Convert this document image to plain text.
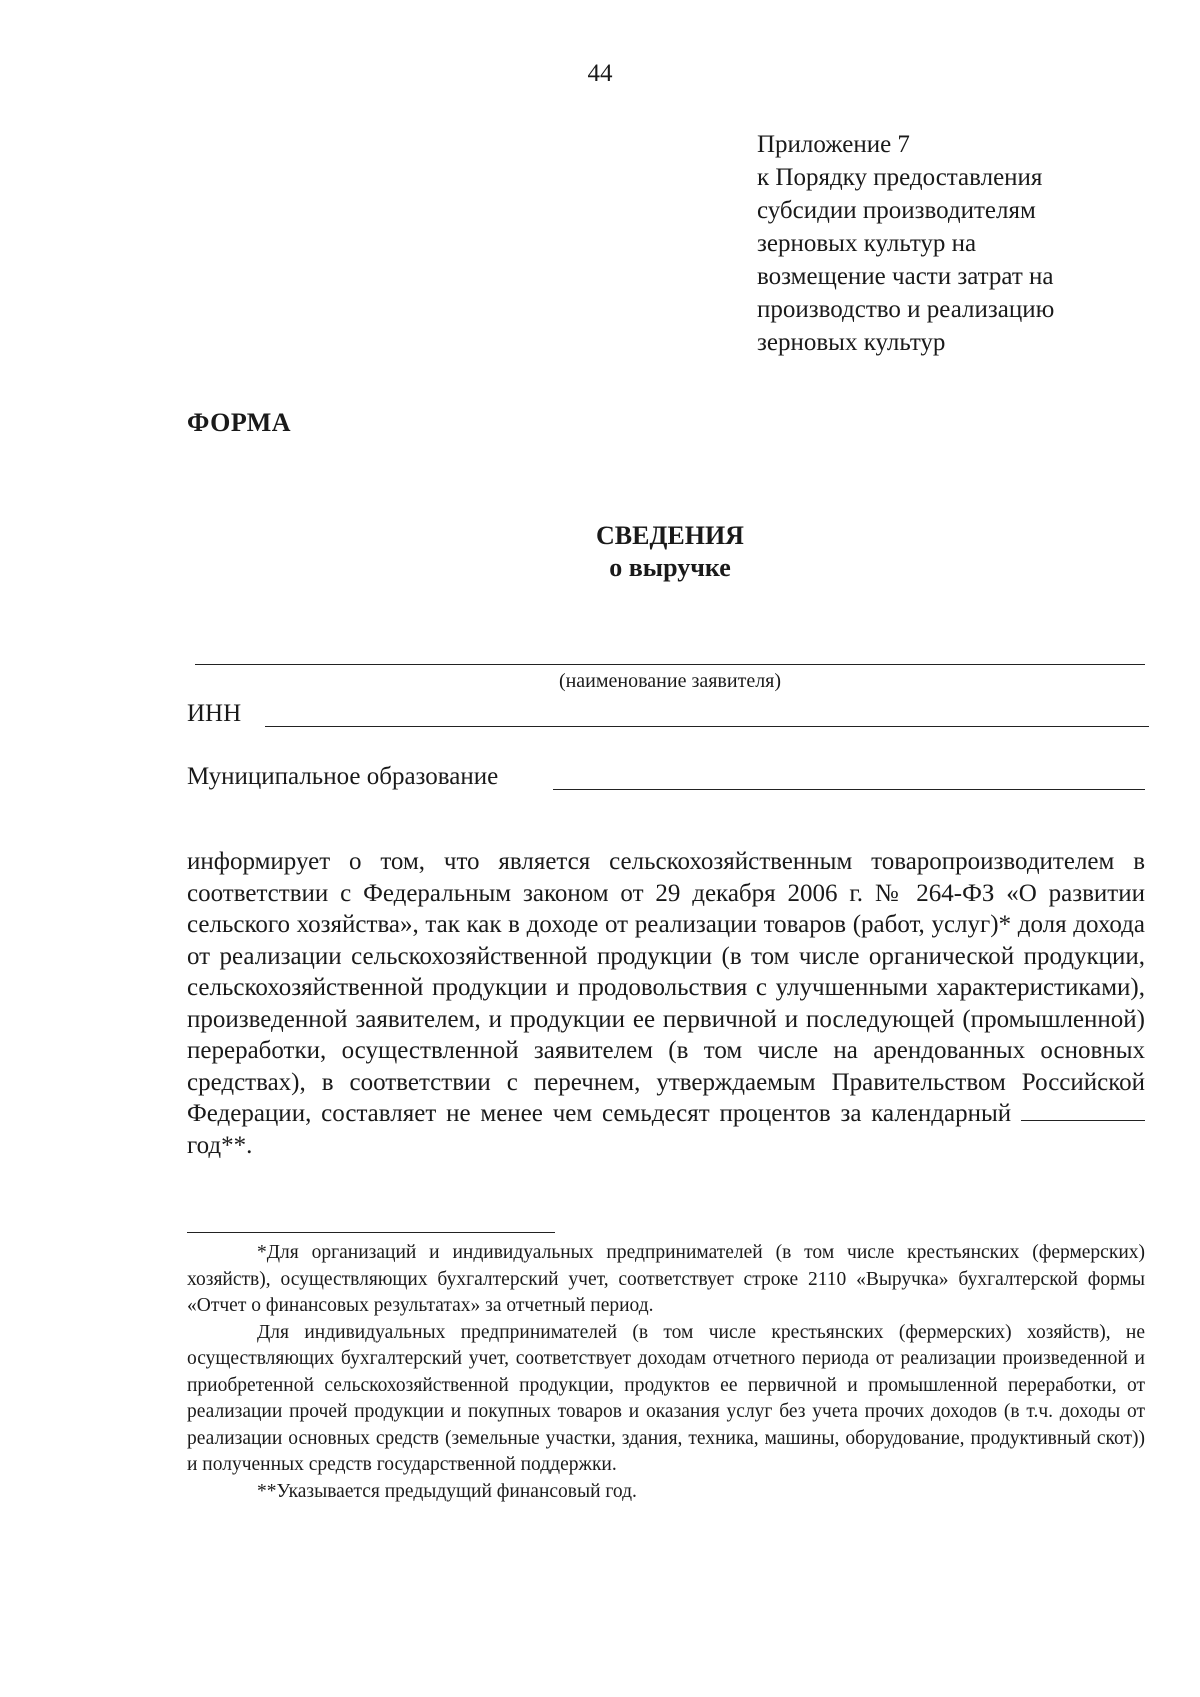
44
Приложение 7
к Порядку предоставления
субсидии производителям
зерновых культур на
возмещение части затрат на
производство и реализацию
зерновых культур
ФОРМА
СВЕДЕНИЯ
о выручке
(наименование заявителя)
ИНН
Муниципальное образование
информирует о том, что является сельскохозяйственным товаропроизводителем в соответствии с Федеральным законом от 29 декабря 2006 г. № 264-ФЗ «О развитии сельского хозяйства», так как в доходе от реализации товаров (работ, услуг)* доля дохода от реализации сельскохозяйственной продукции (в том числе органической продукции, сельскохозяйственной продукции и продовольствия с улучшенными характеристиками), произведенной заявителем, и продукции ее первичной и последующей (промышленной) переработки, осуществленной заявителем (в том числе на арендованных основных средствах), в соответствии с перечнем, утверждаемым Правительством Российской Федерации, составляет не менее чем семьдесят процентов за календарный  год**.

*Для организаций и индивидуальных предпринимателей (в том числе крестьянских (фермерских) хозяйств), осуществляющих бухгалтерский учет, соответствует строке 2110 «Выручка» бухгалтерской формы «Отчет о финансовых результатах» за отчетный период.

Для индивидуальных предпринимателей (в том числе крестьянских (фермерских) хозяйств), не осуществляющих бухгалтерский учет, соответствует доходам отчетного периода от реализации произведенной и приобретенной сельскохозяйственной продукции, продуктов ее первичной и промышленной переработки, от реализации прочей продукции и покупных товаров и оказания услуг без учета прочих доходов (в т.ч. доходы от реализации основных средств (земельные участки, здания, техника, машины, оборудование, продуктивный скот)) и полученных средств государственной поддержки.

**Указывается предыдущий финансовый год.
